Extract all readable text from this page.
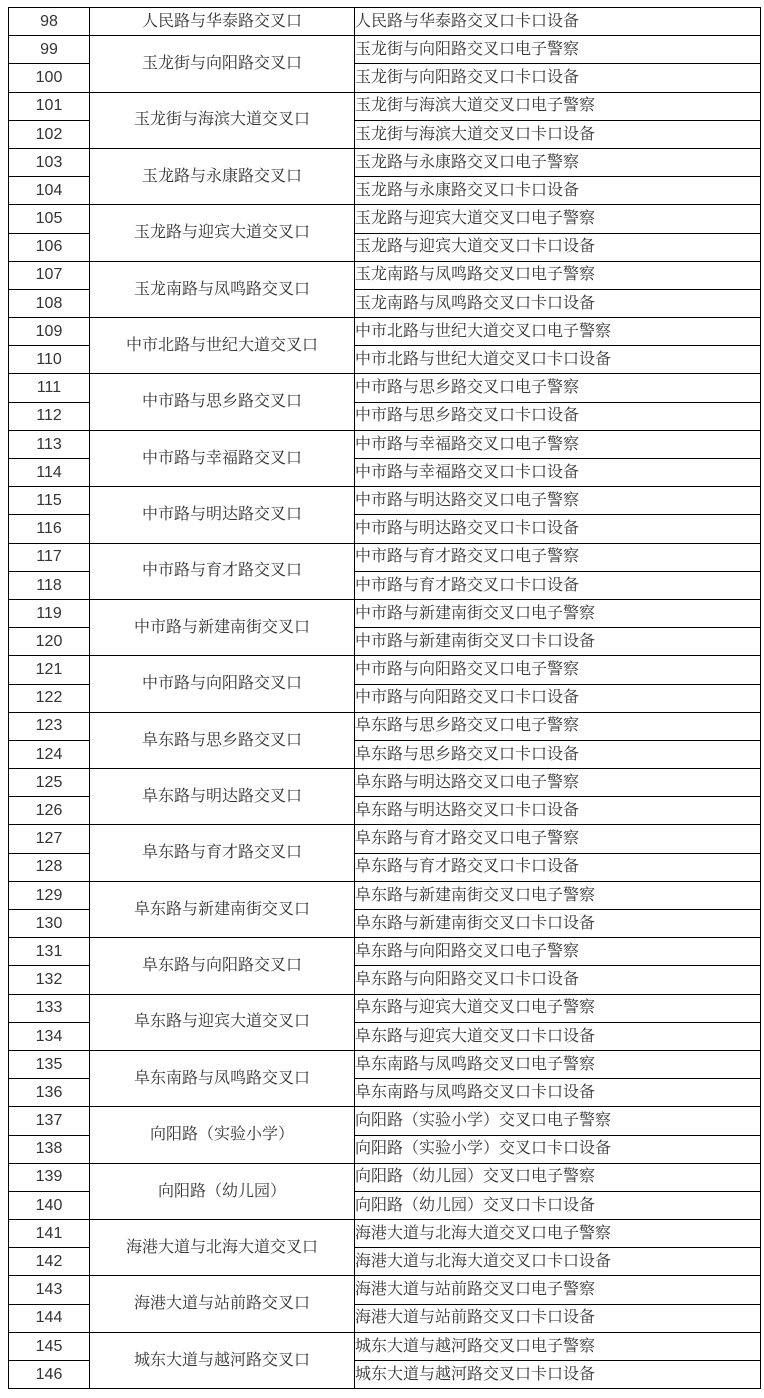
98	人民路与华泰路交叉口	人民路与华泰路交叉口卡口设备
99	玉龙街与向阳路交叉口	玉龙街与向阳路交叉口电子警察
100		玉龙街与向阳路交叉口卡口设备
101	玉龙街与海滨大道交叉口	玉龙街与海滨大道交叉口电子警察
102		玉龙街与海滨大道交叉口卡口设备
103	玉龙路与永康路交叉口	玉龙路与永康路交叉口电子警察
104		玉龙路与永康路交叉口卡口设备
105	玉龙路与迎宾大道交叉口	玉龙路与迎宾大道交叉口电子警察
106		玉龙路与迎宾大道交叉口卡口设备
107	玉龙南路与凤鸣路交叉口	玉龙南路与凤鸣路交叉口电子警察
108		玉龙南路与凤鸣路交叉口卡口设备
109	中市北路与世纪大道交叉口	中市北路与世纪大道交叉口电子警察
110		中市北路与世纪大道交叉口卡口设备
111	中市路与思乡路交叉口	中市路与思乡路交叉口电子警察
112		中市路与思乡路交叉口卡口设备
113	中市路与幸福路交叉口	中市路与幸福路交叉口电子警察
114		中市路与幸福路交叉口卡口设备
115	中市路与明达路交叉口	中市路与明达路交叉口电子警察
116		中市路与明达路交叉口卡口设备
117	中市路与育才路交叉口	中市路与育才路交叉口电子警察
118		中市路与育才路交叉口卡口设备
119	中市路与新建南街交叉口	中市路与新建南街交叉口电子警察
120		中市路与新建南街交叉口卡口设备
121	中市路与向阳路交叉口	中市路与向阳路交叉口电子警察
122		中市路与向阳路交叉口卡口设备
123	阜东路与思乡路交叉口	阜东路与思乡路交叉口电子警察
124		阜东路与思乡路交叉口卡口设备
125	阜东路与明达路交叉口	阜东路与明达路交叉口电子警察
126		阜东路与明达路交叉口卡口设备
127	阜东路与育才路交叉口	阜东路与育才路交叉口电子警察
128		阜东路与育才路交叉口卡口设备
129	阜东路与新建南街交叉口	阜东路与新建南街交叉口电子警察
130		阜东路与新建南街交叉口卡口设备
131	阜东路与向阳路交叉口	阜东路与向阳路交叉口电子警察
132		阜东路与向阳路交叉口卡口设备
133	阜东路与迎宾大道交叉口	阜东路与迎宾大道交叉口电子警察
134		阜东路与迎宾大道交叉口卡口设备
135	阜东南路与凤鸣路交叉口	阜东南路与凤鸣路交叉口电子警察
136		阜东南路与凤鸣路交叉口卡口设备
137	向阳路（实验小学）	向阳路（实验小学）交叉口电子警察
138		向阳路（实验小学）交叉口卡口设备
139	向阳路（幼儿园）	向阳路（幼儿园）交叉口电子警察
140		向阳路（幼儿园）交叉口卡口设备
141	海港大道与北海大道交叉口	海港大道与北海大道交叉口电子警察
142		海港大道与北海大道交叉口卡口设备
143	海港大道与站前路交叉口	海港大道与站前路交叉口电子警察
144		海港大道与站前路交叉口卡口设备
145	城东大道与越河路交叉口	城东大道与越河路交叉口电子警察
146		城东大道与越河路交叉口卡口设备
